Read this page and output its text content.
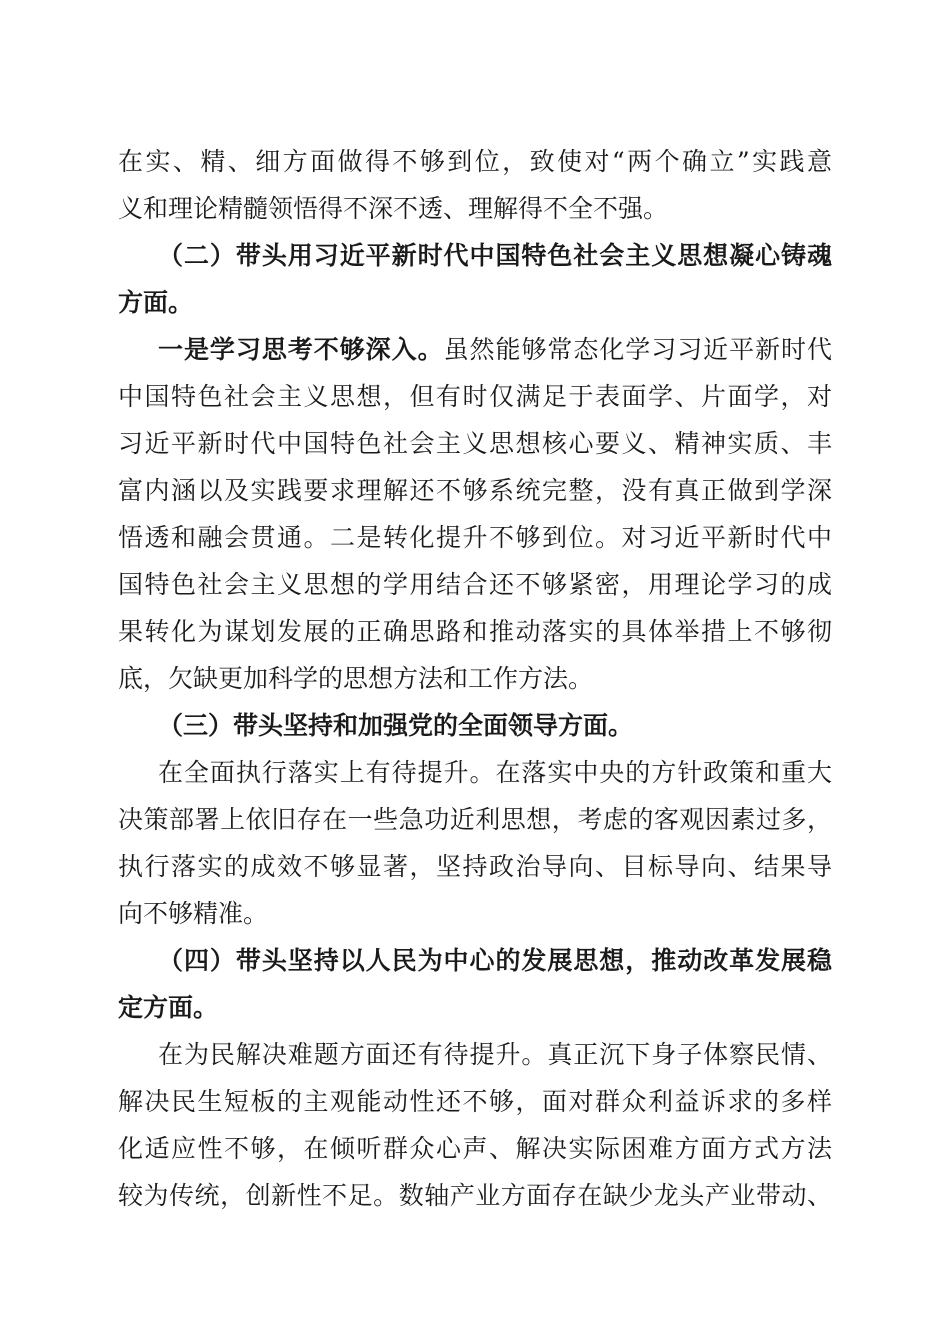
在实、精、细方面做得不够到位，致使对“两个确立”实践意
义和理论精髓领悟得不深不透、理解得不全不强。
（二）带头用习近平新时代中国特色社会主义思想凝心铸魂
方面。
一是学习思考不够深入。虽然能够常态化学习习近平新时代
中国特色社会主义思想，但有时仅满足于表面学、片面学，对
习近平新时代中国特色社会主义思想核心要义、精神实质、丰
富内涵以及实践要求理解还不够系统完整，没有真正做到学深
悟透和融会贯通。二是转化提升不够到位。对习近平新时代中
国特色社会主义思想的学用结合还不够紧密，用理论学习的成
果转化为谋划发展的正确思路和推动落实的具体举措上不够彻
底，欠缺更加科学的思想方法和工作方法。
（三）带头坚持和加强党的全面领导方面。
在全面执行落实上有待提升。在落实中央的方针政策和重大
决策部署上依旧存在一些急功近利思想，考虑的客观因素过多，
执行落实的成效不够显著，坚持政治导向、目标导向、结果导
向不够精准。
（四）带头坚持以人民为中心的发展思想，推动改革发展稳
定方面。
在为民解决难题方面还有待提升。真正沉下身子体察民情、
解决民生短板的主观能动性还不够，面对群众利益诉求的多样
化适应性不够，在倾听群众心声、解决实际困难方面方式方法
较为传统，创新性不足。数轴产业方面存在缺少龙头产业带动、
